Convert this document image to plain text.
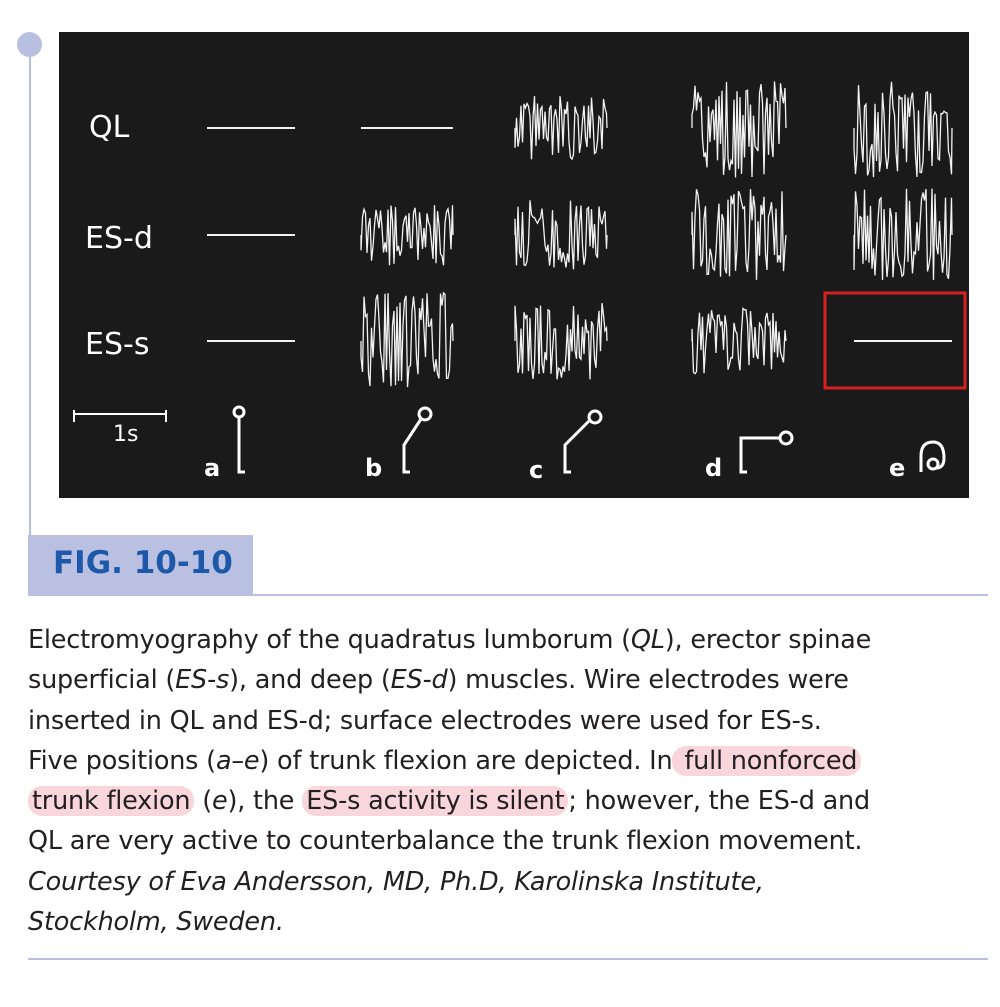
QL
ES-d
ES-s
1s
a	b	c	d	e
FIG. 10-10
Electromyography of the quadratus lumborum (QL), erector spinae
superficial (ES-s), and deep (ES-d) muscles. Wire electrodes were
inserted in QL and ES-d; surface electrodes were used for ES-s.
Five positions (a–e) of trunk flexion are depicted. In full nonforced
trunk flexion (e), the ES-s activity is silent ; however, the ES-d and
QL are very active to counterbalance the trunk flexion movement.
Courtesy of Eva Andersson, MD, Ph.D, Karolinska Institute,
Stockholm, Sweden.
